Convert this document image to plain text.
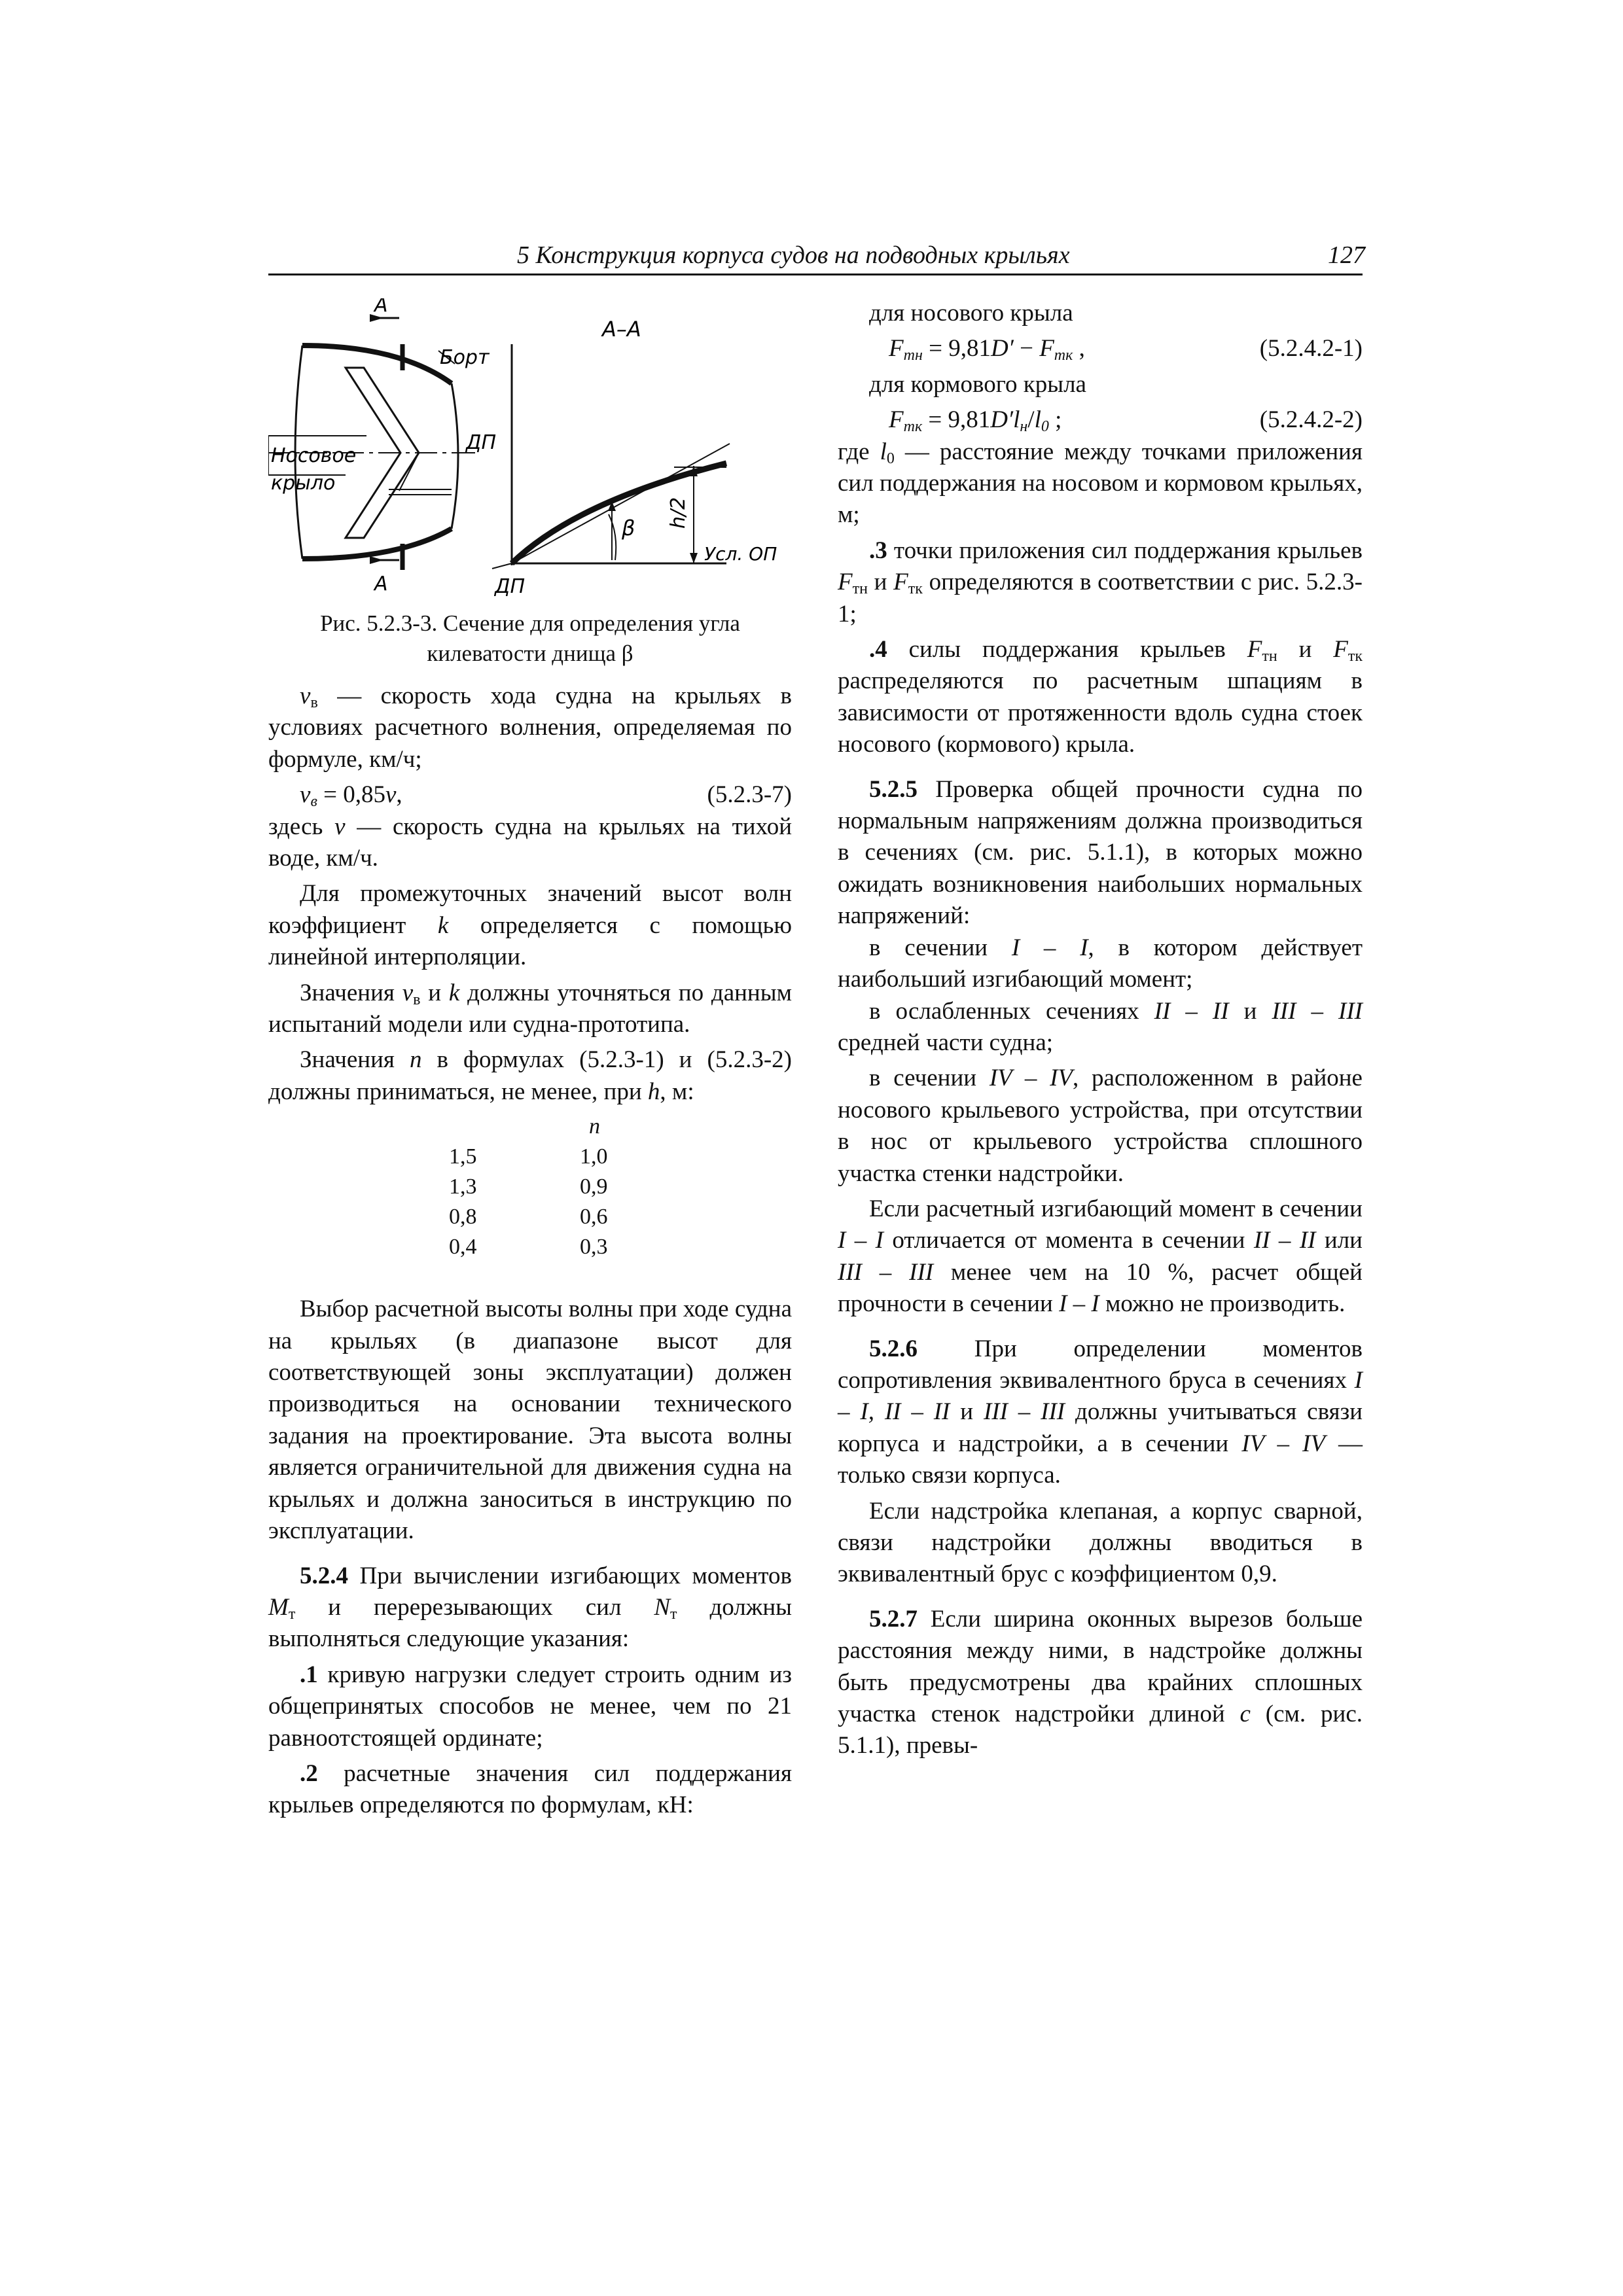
5 Конструкция корпуса судов на подводных крыльях	127
А
А
Борт
А–А
ДП
Носовое
крыло
β h/2
Усл. ОП
ДП
Рис. 5.2.3-3. Сечение для определения угла
килеватости днища β

$v_в$ — скорость хода судна на крыльях в условиях расчетного волнения, определяемая по формуле, км/ч;

$v_в = 0,85v$,	(5.2.3-7)

здесь v — скорость судна на крыльях на тихой воде, км/ч.

Для промежуточных значений высот волн коэффициент k определяется с помощью линейной интерполяции.

Значения $v_в$ и k должны уточняться по данным испытаний модели или судна-прототипа.

Значения n в формулах (5.2.3-1) и (5.2.3-2) должны приниматься, не менее, при h, м:

n
1,5	1,0
1,3	0,9
0,8	0,6
0,4	0,3

Выбор расчетной высоты волны при ходе судна на крыльях (в диапазоне высот для соответствующей зоны эксплуатации) должен производиться на основании технического задания на проектирование. Эта высота волны является ограничительной для движения судна на крыльях и должна заноситься в инструкцию по эксплуатации.

5.2.4 При вычислении изгибающих моментов $M_т$ и перерезывающих сил $N_т$ должны выполняться следующие указания:

.1 кривую нагрузки следует строить одним из общепринятых способов не менее, чем по 21 равноотстоящей ординате;

.2 расчетные значения сил поддержания крыльев определяются по формулам, кН:

для носового крыла

$F_{тн} = 9,81D' - F_{тк}$ ,	(5.2.4.2-1)

для кормового крыла

$F_{тк} = 9,81D'l_н/l_0$ ;	(5.2.4.2-2)

где $l_0$ — расстояние между точками приложения сил поддержания на носовом и кормовом крыльях, м;

.3 точки приложения сил поддержания крыльев $F_{тн}$ и $F_{тк}$ определяются в соответствии с рис. 5.2.3-1;

.4 силы поддержания крыльев $F_{тн}$ и $F_{тк}$ распределяются по расчетным шпациям в зависимости от протяженности вдоль судна стоек носового (кормового) крыла.

5.2.5 Проверка общей прочности судна по нормальным напряжениям должна производиться в сечениях (см. рис. 5.1.1), в которых можно ожидать возникновения наибольших нормальных напряжений:

в сечении I – I, в котором действует наибольший изгибающий момент;

в ослабленных сечениях II – II и III – III средней части судна;

в сечении IV – IV, расположенном в районе носового крыльевого устройства, при отсутствии в нос от крыльевого устройства сплошного участка стенки надстройки.

Если расчетный изгибающий момент в сечении I – I отличается от момента в сечении II – II или III – III менее чем на 10 %, расчет общей прочности в сечении I – I можно не производить.

5.2.6 При определении моментов сопротивления эквивалентного бруса в сечениях I – I, II – II и III – III должны учитываться связи корпуса и надстройки, а в сечении IV – IV — только связи корпуса.

Если надстройка клепаная, а корпус сварной, связи надстройки должны вводиться в эквивалентный брус с коэффициентом 0,9.

5.2.7 Если ширина оконных вырезов больше расстояния между ними, в надстройке должны быть предусмотрены два крайних сплошных участка стенок надстройки длиной c (см. рис. 5.1.1), превы-
